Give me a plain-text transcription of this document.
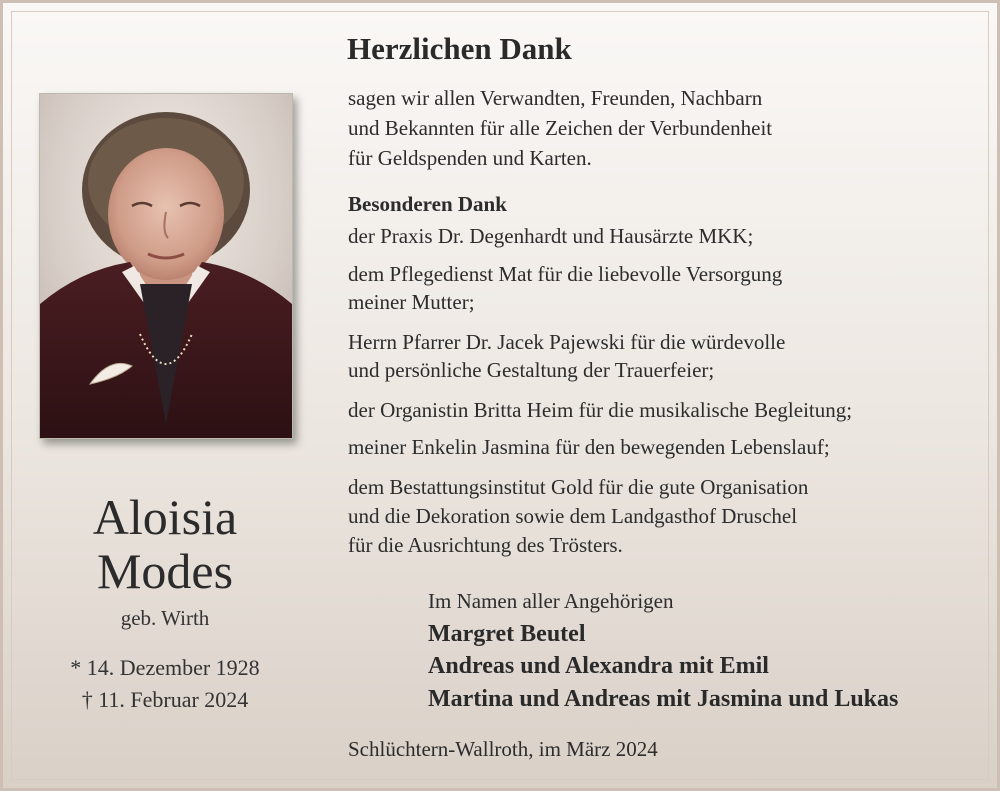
Aloisia
Modes
geb. Wirth
* 14. Dezember 1928
† 11. Februar 2024
Herzlichen Dank
sagen wir allen Verwandten, Freunden, Nachbarn
und Bekannten für alle Zeichen der Verbundenheit
für Geldspenden und Karten.
Besonderen Dank
der Praxis Dr. Degenhardt und Hausärzte MKK;
dem Pflegedienst Mat für die liebevolle Versorgung
meiner Mutter;
Herrn Pfarrer Dr. Jacek Pajewski für die würdevolle
und persönliche Gestaltung der Trauerfeier;
der Organistin Britta Heim für die musikalische Begleitung;
meiner Enkelin Jasmina für den bewegenden Lebenslauf;
dem Bestattungsinstitut Gold für die gute Organisation
und die Dekoration sowie dem Landgasthof Druschel
für die Ausrichtung des Trösters.
Im Namen aller Angehörigen
Margret Beutel
Andreas und Alexandra mit Emil
Martina und Andreas mit Jasmina und Lukas
Schlüchtern-Wallroth, im März 2024
